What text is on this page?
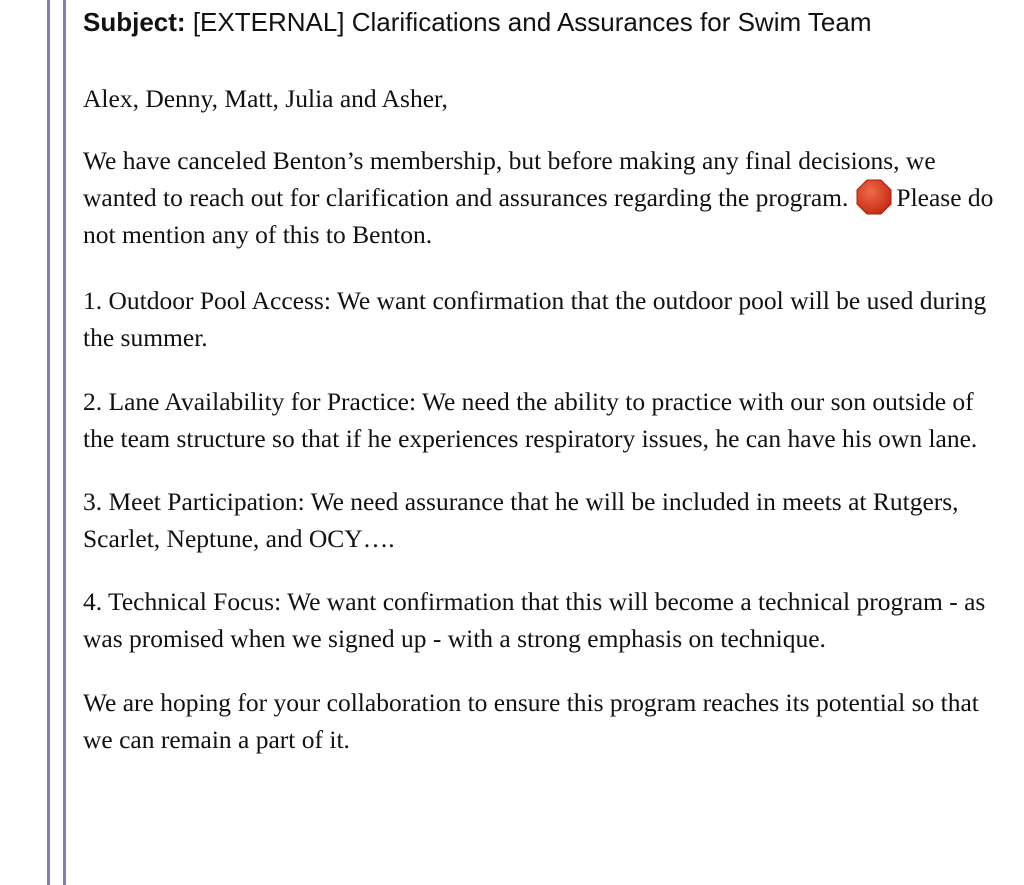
Subject: [EXTERNAL] Clarifications and Assurances for Swim Team

Alex, Denny, Matt, Julia and Asher,

We have canceled Benton’s membership, but before making any final decisions, we wanted to reach out for clarification and assurances regarding the program. Please do not mention any of this to Benton.

1. Outdoor Pool Access: We want confirmation that the outdoor pool will be used during the summer.

2. Lane Availability for Practice: We need the ability to practice with our son outside of the team structure so that if he experiences respiratory issues, he can have his own lane.

3. Meet Participation: We need assurance that he will be included in meets at Rutgers, Scarlet, Neptune, and OCY….

4. Technical Focus: We want confirmation that this will become a technical program - as was promised when we signed up - with a strong emphasis on technique.

We are hoping for your collaboration to ensure this program reaches its potential so that we can remain a part of it.
